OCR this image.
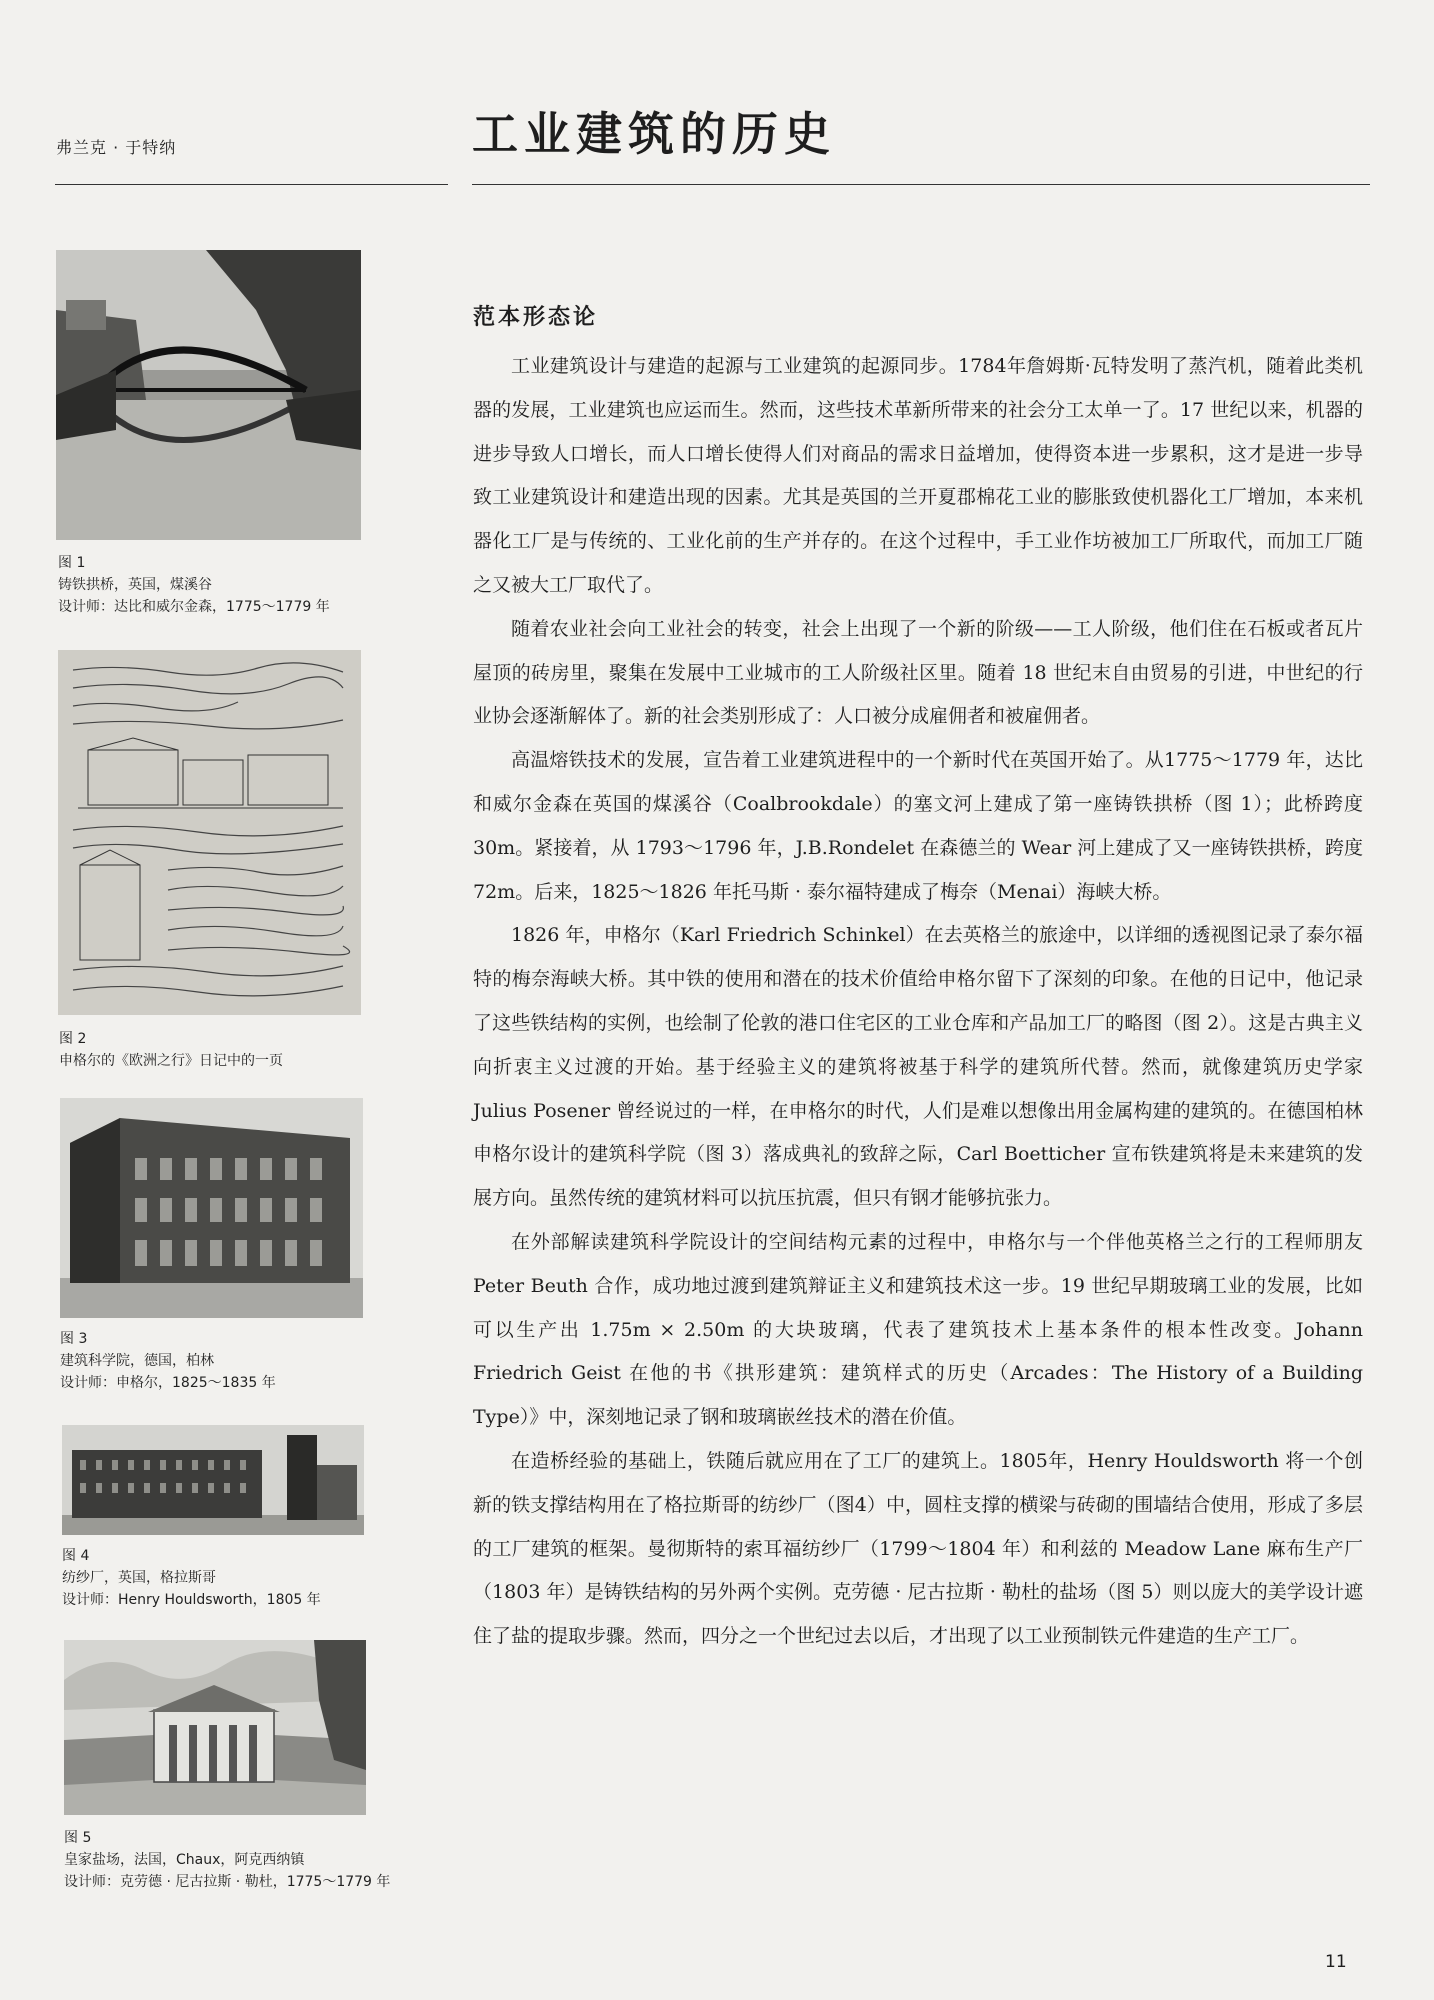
弗兰克 · 于特纳	工业建筑的历史
图 1
铸铁拱桥，英国，煤溪谷
设计师：达比和威尔金森，1775～1779 年
图 2
申格尔的《欧洲之行》日记中的一页
图 3
建筑科学院，德国，柏林
设计师：申格尔，1825～1835 年
图 4
纺纱厂，英国，格拉斯哥
设计师：Henry Houldsworth，1805 年
图 5
皇家盐场，法国，Chaux，阿克西纳镇
设计师：克劳德 · 尼古拉斯 · 勒杜，1775～1779 年
范本形态论

工业建筑设计与建造的起源与工业建筑的起源同步。1784年詹姆斯·瓦特发明了蒸汽机，随着此类机器的发展，工业建筑也应运而生。然而，这些技术革新所带来的社会分工太单一了。17 世纪以来，机器的进步导致人口增长，而人口增长使得人们对商品的需求日益增加，使得资本进一步累积，这才是进一步导致工业建筑设计和建造出现的因素。尤其是英国的兰开夏郡棉花工业的膨胀致使机器化工厂增加，本来机器化工厂是与传统的、工业化前的生产并存的。在这个过程中，手工业作坊被加工厂所取代，而加工厂随之又被大工厂取代了。

随着农业社会向工业社会的转变，社会上出现了一个新的阶级——工人阶级，他们住在石板或者瓦片屋顶的砖房里，聚集在发展中工业城市的工人阶级社区里。随着 18 世纪末自由贸易的引进，中世纪的行业协会逐渐解体了。新的社会类别形成了：人口被分成雇佣者和被雇佣者。

高温熔铁技术的发展，宣告着工业建筑进程中的一个新时代在英国开始了。从1775～1779 年，达比和威尔金森在英国的煤溪谷（Coalbrookdale）的塞文河上建成了第一座铸铁拱桥（图 1）；此桥跨度 30m。紧接着，从 1793～1796 年，J.B.Rondelet 在森德兰的 Wear 河上建成了又一座铸铁拱桥，跨度 72m。后来，1825～1826 年托马斯 · 泰尔福特建成了梅奈（Menai）海峡大桥。

1826 年，申格尔（Karl Friedrich Schinkel）在去英格兰的旅途中，以详细的透视图记录了泰尔福特的梅奈海峡大桥。其中铁的使用和潜在的技术价值给申格尔留下了深刻的印象。在他的日记中，他记录了这些铁结构的实例，也绘制了伦敦的港口住宅区的工业仓库和产品加工厂的略图（图 2）。这是古典主义向折衷主义过渡的开始。基于经验主义的建筑将被基于科学的建筑所代替。然而，就像建筑历史学家 Julius Posener 曾经说过的一样，在申格尔的时代，人们是难以想像出用金属构建的建筑的。在德国柏林申格尔设计的建筑科学院（图 3）落成典礼的致辞之际，Carl Boetticher 宣布铁建筑将是未来建筑的发展方向。虽然传统的建筑材料可以抗压抗震，但只有钢才能够抗张力。

在外部解读建筑科学院设计的空间结构元素的过程中，申格尔与一个伴他英格兰之行的工程师朋友 Peter Beuth 合作，成功地过渡到建筑辩证主义和建筑技术这一步。19 世纪早期玻璃工业的发展，比如可以生产出 1.75m × 2.50m 的大块玻璃，代表了建筑技术上基本条件的根本性改变。Johann Friedrich Geist 在他的书《拱形建筑：建筑样式的历史（Arcades：The History of a Building Type）》中，深刻地记录了钢和玻璃嵌丝技术的潜在价值。

在造桥经验的基础上，铁随后就应用在了工厂的建筑上。1805年，Henry Houldsworth 将一个创新的铁支撑结构用在了格拉斯哥的纺纱厂（图4）中，圆柱支撑的横梁与砖砌的围墙结合使用，形成了多层的工厂建筑的框架。曼彻斯特的索耳福纺纱厂（1799～1804 年）和利兹的 Meadow Lane 麻布生产厂（1803 年）是铸铁结构的另外两个实例。克劳德 · 尼古拉斯 · 勒杜的盐场（图 5）则以庞大的美学设计遮住了盐的提取步骤。然而，四分之一个世纪过去以后，才出现了以工业预制铁元件建造的生产工厂。

11
